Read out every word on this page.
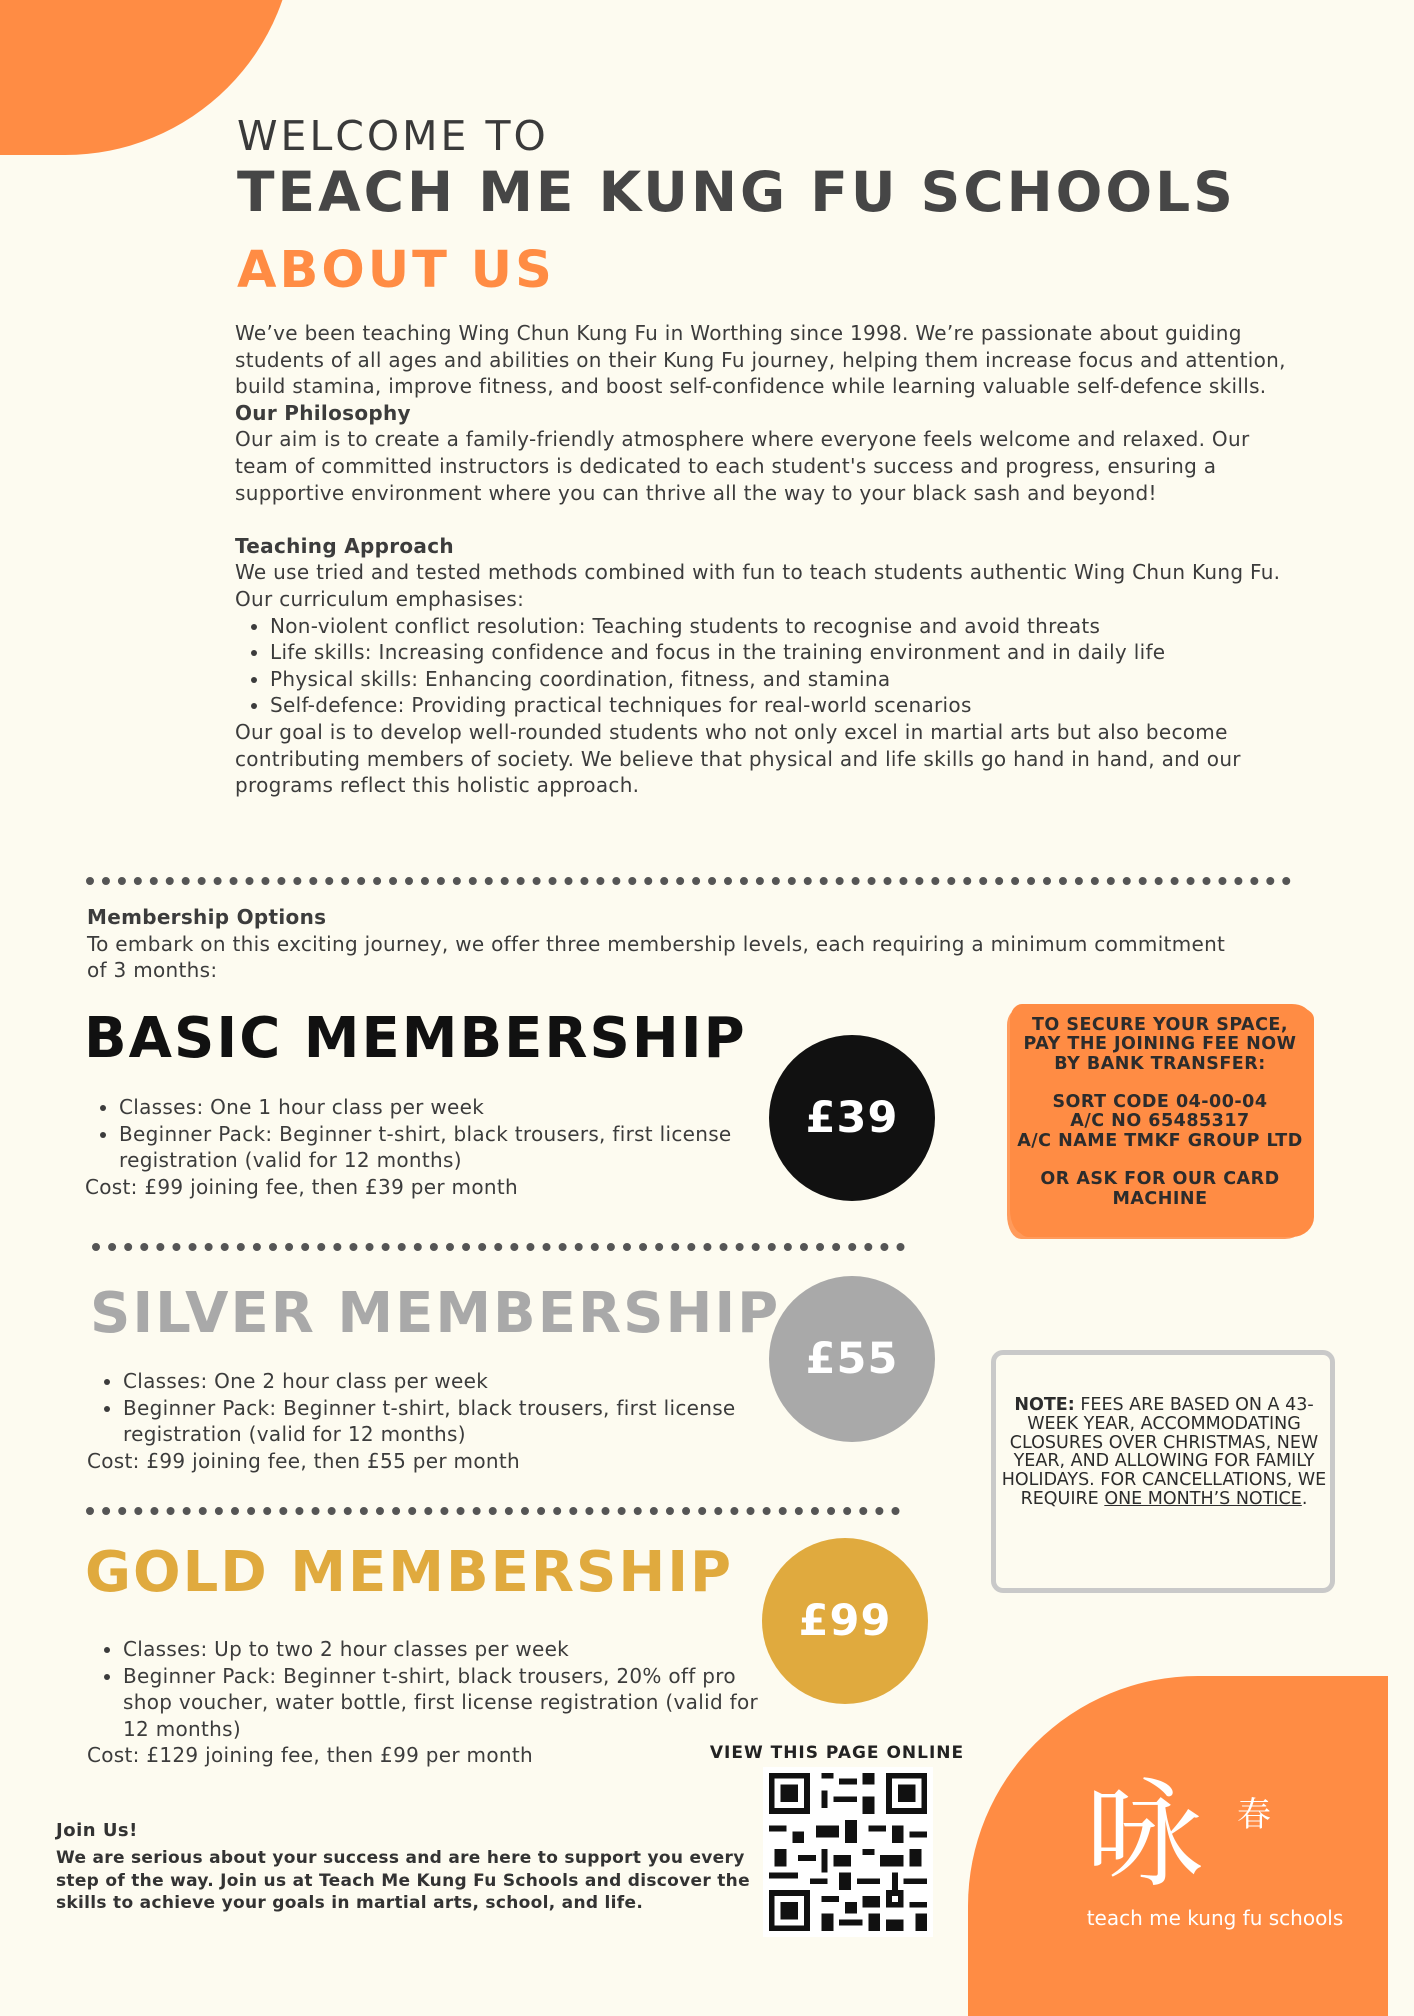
WELCOME TO
TEACH ME KUNG FU SCHOOLS
ABOUT US
We’ve been teaching Wing Chun Kung Fu in Worthing since 1998. We’re passionate about guiding students of all ages and abilities on their Kung Fu journey, helping them increase focus and attention, build stamina, improve fitness, and boost self-confidence while learning valuable self-defence skills.
Our Philosophy
Our aim is to create a family-friendly atmosphere where everyone feels welcome and relaxed. Our team of committed instructors is dedicated to each student's success and progress, ensuring a supportive environment where you can thrive all the way to your black sash and beyond!
Teaching Approach
We use tried and tested methods combined with fun to teach students authentic Wing Chun Kung Fu. Our curriculum emphasises:
• Non-violent conflict resolution: Teaching students to recognise and avoid threats
• Life skills: Increasing confidence and focus in the training environment and in daily life
• Physical skills: Enhancing coordination, fitness, and stamina
• Self-defence: Providing practical techniques for real-world scenarios
Our goal is to develop well-rounded students who not only excel in martial arts but also become contributing members of society. We believe that physical and life skills go hand in hand, and our programs reflect this holistic approach.
Membership Options
To embark on this exciting journey, we offer three membership levels, each requiring a minimum commitment of 3 months:
BASIC MEMBERSHIP
• Classes: One 1 hour class per week
• Beginner Pack: Beginner t-shirt, black trousers, first license registration (valid for 12 months)
Cost: £99 joining fee, then £39 per month
£39
SILVER MEMBERSHIP
• Classes: One 2 hour class per week
• Beginner Pack: Beginner t-shirt, black trousers, first license registration (valid for 12 months)
Cost: £99 joining fee, then £55 per month
£55
GOLD MEMBERSHIP
• Classes: Up to two 2 hour classes per week
• Beginner Pack: Beginner t-shirt, black trousers, 20% off pro shop voucher, water bottle, first license registration (valid for 12 months)
Cost: £129 joining fee, then £99 per month
£99
TO SECURE YOUR SPACE,
PAY THE JOINING FEE NOW
BY BANK TRANSFER:
SORT CODE 04-00-04
A/C NO 65485317
A/C NAME TMKF GROUP LTD
OR ASK FOR OUR CARD MACHINE
NOTE: FEES ARE BASED ON A 43-WEEK YEAR, ACCOMMODATING CLOSURES OVER CHRISTMAS, NEW YEAR, AND ALLOWING FOR FAMILY HOLIDAYS. FOR CANCELLATIONS, WE REQUIRE ONE MONTH’S NOTICE.
VIEW THIS PAGE ONLINE
Join Us!
We are serious about your success and are here to support you every step of the way. Join us at Teach Me Kung Fu Schools and discover the skills to achieve your goals in martial arts, school, and life.	咏 春
teach me kung fu schools
